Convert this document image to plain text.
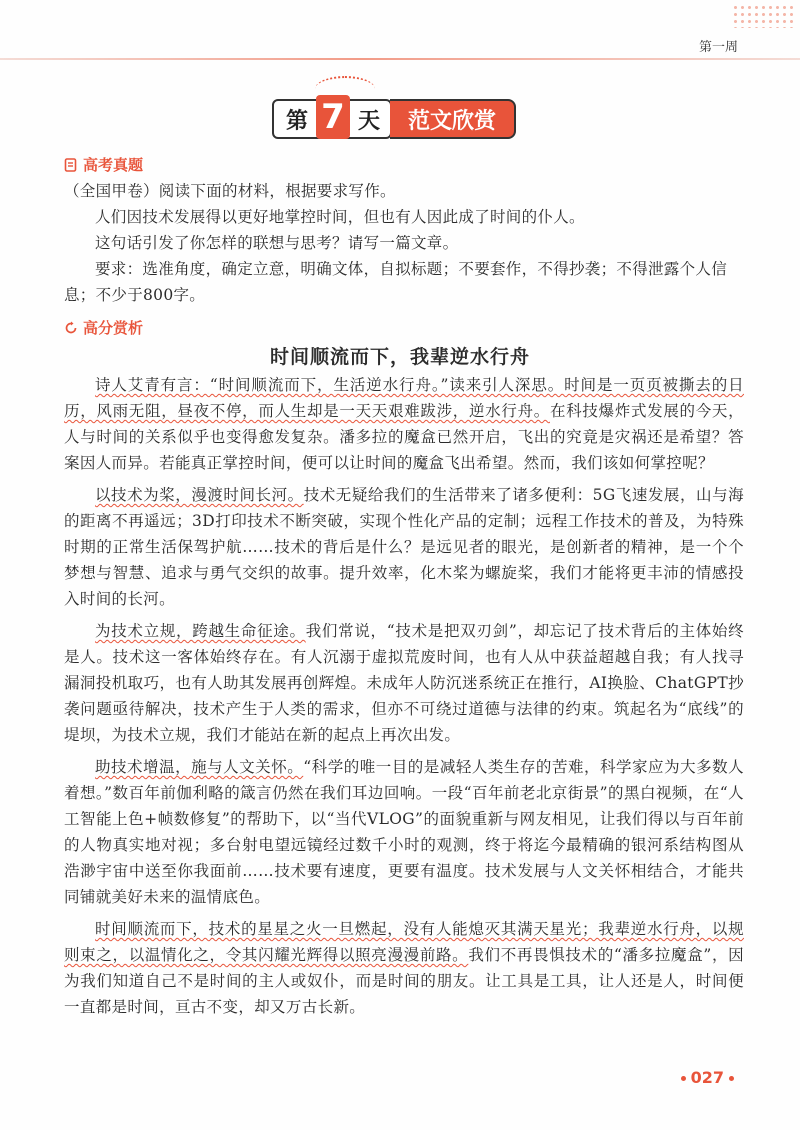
第一周
第 7 天	范文欣赏
高考真题
（全国甲卷）阅读下面的材料，根据要求写作。
人们因技术发展得以更好地掌控时间，但也有人因此成了时间的仆人。
这句话引发了你怎样的联想与思考？请写一篇文章。
要求：选准角度，确定立意，明确文体，自拟标题；不要套作，不得抄袭；不得泄露个人信息；不少于800字。
高分赏析
时间顺流而下，我辈逆水行舟

诗人艾青有言：“时间顺流而下，生活逆水行舟。”读来引人深思。时间是一页页被撕去的日历，风雨无阻，昼夜不停，而人生却是一天天艰难跋涉，逆水行舟。在科技爆炸式发展的今天，人与时间的关系似乎也变得愈发复杂。潘多拉的魔盒已然开启，飞出的究竟是灾祸还是希望？答案因人而异。若能真正掌控时间，便可以让时间的魔盒飞出希望。然而，我们该如何掌控呢？

以技术为桨，漫渡时间长河。技术无疑给我们的生活带来了诸多便利：5G飞速发展，山与海的距离不再遥远；3D打印技术不断突破，实现个性化产品的定制；远程工作技术的普及，为特殊时期的正常生活保驾护航……技术的背后是什么？是远见者的眼光，是创新者的精神，是一个个梦想与智慧、追求与勇气交织的故事。提升效率，化木桨为螺旋桨，我们才能将更丰沛的情感投入时间的长河。

为技术立规，跨越生命征途。我们常说，“技术是把双刃剑”，却忘记了技术背后的主体始终是人。技术这一客体始终存在。有人沉溺于虚拟荒废时间，也有人从中获益超越自我；有人找寻漏洞投机取巧，也有人助其发展再创辉煌。未成年人防沉迷系统正在推行，AI换脸、ChatGPT抄袭问题亟待解决，技术产生于人类的需求，但亦不可绕过道德与法律的约束。筑起名为“底线”的堤坝，为技术立规，我们才能站在新的起点上再次出发。

助技术增温，施与人文关怀。“科学的唯一目的是减轻人类生存的苦难，科学家应为大多数人着想。”数百年前伽利略的箴言仍然在我们耳边回响。一段“百年前老北京街景”的黑白视频，在“人工智能上色+帧数修复”的帮助下，以“当代VLOG”的面貌重新与网友相见，让我们得以与百年前的人物真实地对视；多台射电望远镜经过数千小时的观测，终于将迄今最精确的银河系结构图从浩渺宇宙中送至你我面前……技术要有速度，更要有温度。技术发展与人文关怀相结合，才能共同铺就美好未来的温情底色。

时间顺流而下，技术的星星之火一旦燃起，没有人能熄灭其满天星光；我辈逆水行舟，以规则束之，以温情化之，令其闪耀光辉得以照亮漫漫前路。我们不再畏惧技术的“潘多拉魔盒”，因为我们知道自己不是时间的主人或奴仆，而是时间的朋友。让工具是工具，让人还是人，时间便一直都是时间，亘古不变，却又万古长新。

027
